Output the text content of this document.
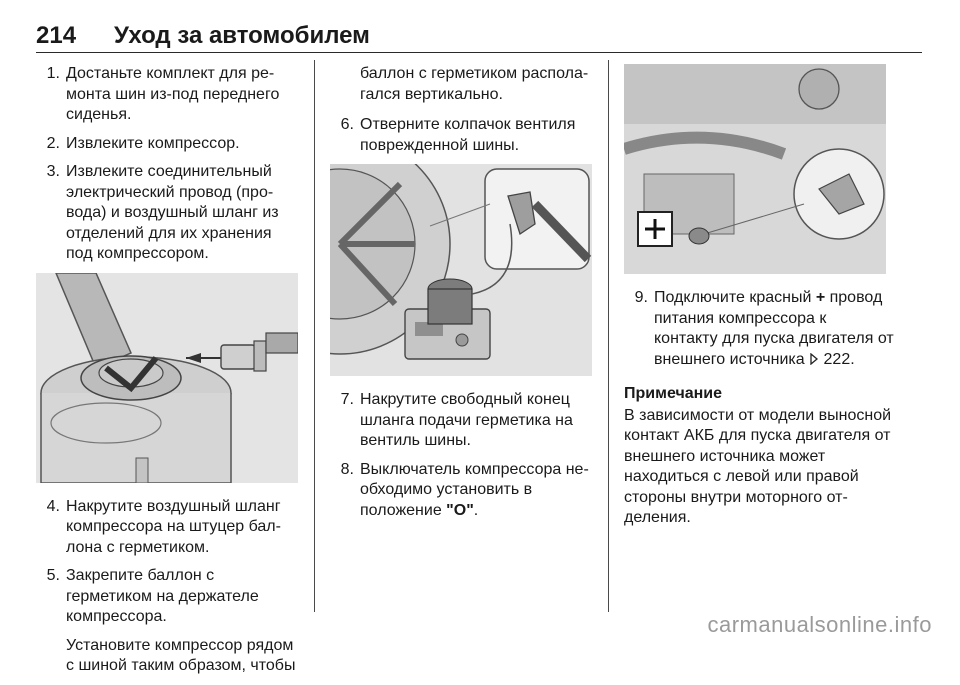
214 Уход за автомобилем
1. Достаньте комплект для ремонта шин из-под переднего сиденья.
2. Извлеките компрессор.
3. Извлеките соединительный электрический провод (провода) и воздушный шланг из отделений для их хранения под компрессором.
4. Накрутите воздушный шланг компрессора на штуцер баллона с герметиком.
5. Закрепите баллон с герметиком на держателе компрессора.
Установите компрессор рядом с шиной таким образом, чтобы
баллон с герметиком располагался вертикально.
6. Отверните колпачок вентиля поврежденной шины.
7. Накрутите свободный конец шланга подачи герметика на вентиль шины.
8. Выключатель компрессора необходимо установить в положение "O".
9. Подключите красный + провод питания компрессора к контакту для пуска двигателя от внешнего источника  222.
Примечание
В зависимости от модели выносной контакт АКБ для пуска двигателя от внешнего источника может находиться с левой или правой стороны внутри моторного отделения.
carmanualsonline.info
